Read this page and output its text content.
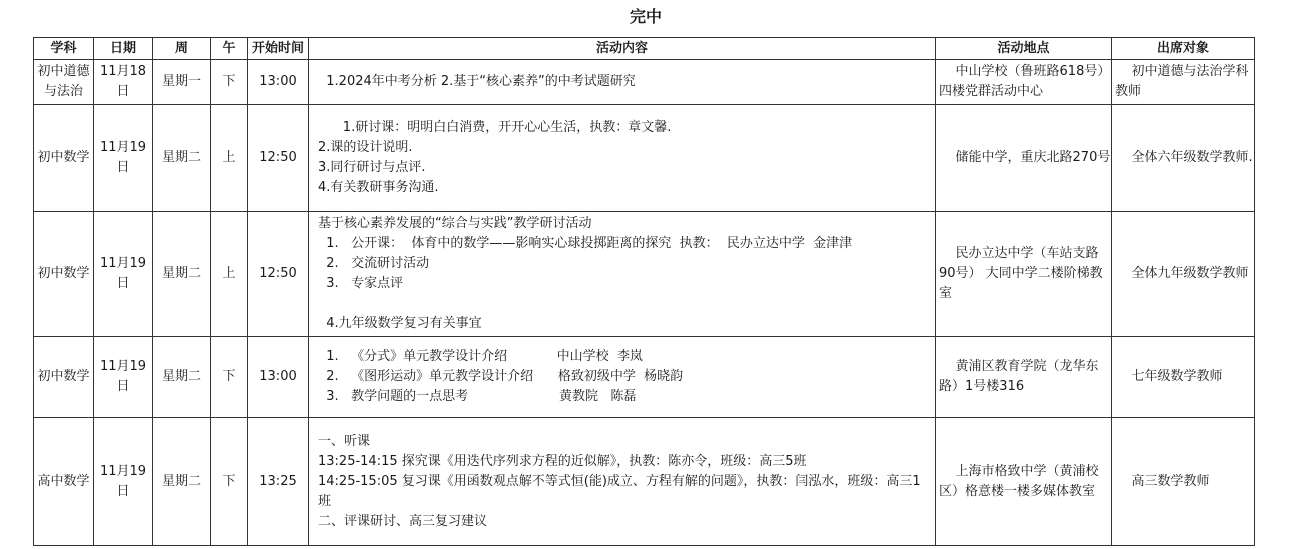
完中
学科	日期	周	午	开始时间	活动内容	活动地点	出席对象
初中道德与法治	11月18日	星期一	下	13:00	1.2024年中考分析 2.基于“核心素养”的中考试题研究	中山学校（鲁班路618号）四楼党群活动中心	初中道德与法治学科教师

初中数学	11月19日	星期二	上	12:50	1.研讨课：明明白白消费，开开心心生活，执教：章文馨.
2.课的设计说明.
3.同行研讨与点评.
4.有关教研事务沟通.	储能中学，重庆北路270号	全体六年级数学教师.

初中数学	11月19日	星期二	上	12:50	基于核心素养发展的“综合与实践”教学研讨活动
1.   公开课：  体育中的数学——影响实心球投掷距离的探究  执教：  民办立达中学  金津津
2.   交流研讨活动
3.   专家点评

4.九年级数学复习有关事宜	民办立达中学（车站支路90号） 大同中学二楼阶梯教室	全体九年级数学教师

初中数学	11月19日	星期二	下	13:00	1.   《分式》单元教学设计介绍            中山学校  李岚
2.   《图形运动》单元教学设计介绍      格致初级中学  杨晓韵
3.   教学问题的一点思考                      黄教院   陈磊	黄浦区教育学院（龙华东路）1号楼316	七年级数学教师

高中数学	11月19日	星期二	下	13:25	一、听课
13:25-14:15 探究课《用迭代序列求方程的近似解》，执教：陈亦令，班级：高三5班
14:25-15:05 复习课《用函数观点解不等式恒(能)成立、方程有解的问题》，执教：闫泓水，班级：高三1班
二、评课研讨、高三复习建议	上海市格致中学（黄浦校区）格意楼一楼多媒体教室	高三数学教师
